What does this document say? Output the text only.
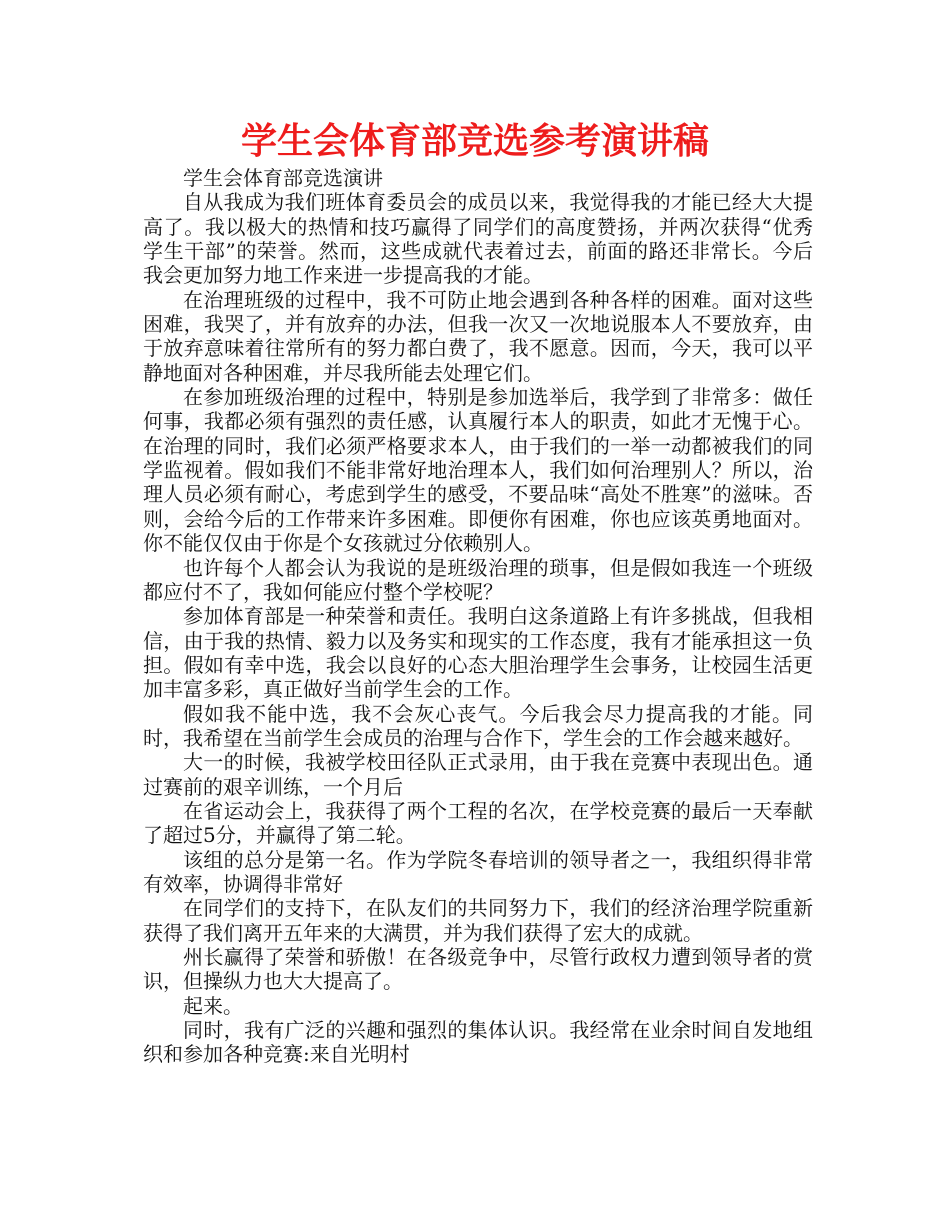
学生会体育部竞选参考演讲稿

学生会体育部竞选演讲

自从我成为我们班体育委员会的成员以来，我觉得我的才能已经大大提高了。我以极大的热情和技巧赢得了同学们的高度赞扬，并两次获得“优秀学生干部”的荣誉。然而，这些成就代表着过去，前面的路还非常长。今后我会更加努力地工作来进一步提高我的才能。

在治理班级的过程中，我不可防止地会遇到各种各样的困难。面对这些困难，我哭了，并有放弃的办法，但我一次又一次地说服本人不要放弃，由于放弃意味着往常所有的努力都白费了，我不愿意。因而，今天，我可以平静地面对各种困难，并尽我所能去处理它们。

在参加班级治理的过程中，特别是参加选举后，我学到了非常多：做任何事，我都必须有强烈的责任感，认真履行本人的职责，如此才无愧于心。在治理的同时，我们必须严格要求本人，由于我们的一举一动都被我们的同学监视着。假如我们不能非常好地治理本人，我们如何治理别人？所以，治理人员必须有耐心，考虑到学生的感受，不要品味“高处不胜寒”的滋味。否则，会给今后的工作带来许多困难。即便你有困难，你也应该英勇地面对。你不能仅仅由于你是个女孩就过分依赖别人。

也许每个人都会认为我说的是班级治理的琐事，但是假如我连一个班级都应付不了，我如何能应付整个学校呢？

参加体育部是一种荣誉和责任。我明白这条道路上有许多挑战，但我相信，由于我的热情、毅力以及务实和现实的工作态度，我有才能承担这一负担。假如有幸中选，我会以良好的心态大胆治理学生会事务，让校园生活更加丰富多彩，真正做好当前学生会的工作。

假如我不能中选，我不会灰心丧气。今后我会尽力提高我的才能。同时，我希望在当前学生会成员的治理与合作下，学生会的工作会越来越好。

大一的时候，我被学校田径队正式录用，由于我在竞赛中表现出色。通过赛前的艰辛训练，一个月后

在省运动会上，我获得了两个工程的名次，在学校竞赛的最后一天奉献了超过5分，并赢得了第二轮。

该组的总分是第一名。作为学院冬春培训的领导者之一，我组织得非常有效率，协调得非常好

在同学们的支持下，在队友们的共同努力下，我们的经济治理学院重新获得了我们离开五年来的大满贯，并为我们获得了宏大的成就。

州长赢得了荣誉和骄傲！在各级竞争中，尽管行政权力遭到领导者的赏识，但操纵力也大大提高了。

起来。

同时，我有广泛的兴趣和强烈的集体认识。我经常在业余时间自发地组织和参加各种竞赛:来自光明村
